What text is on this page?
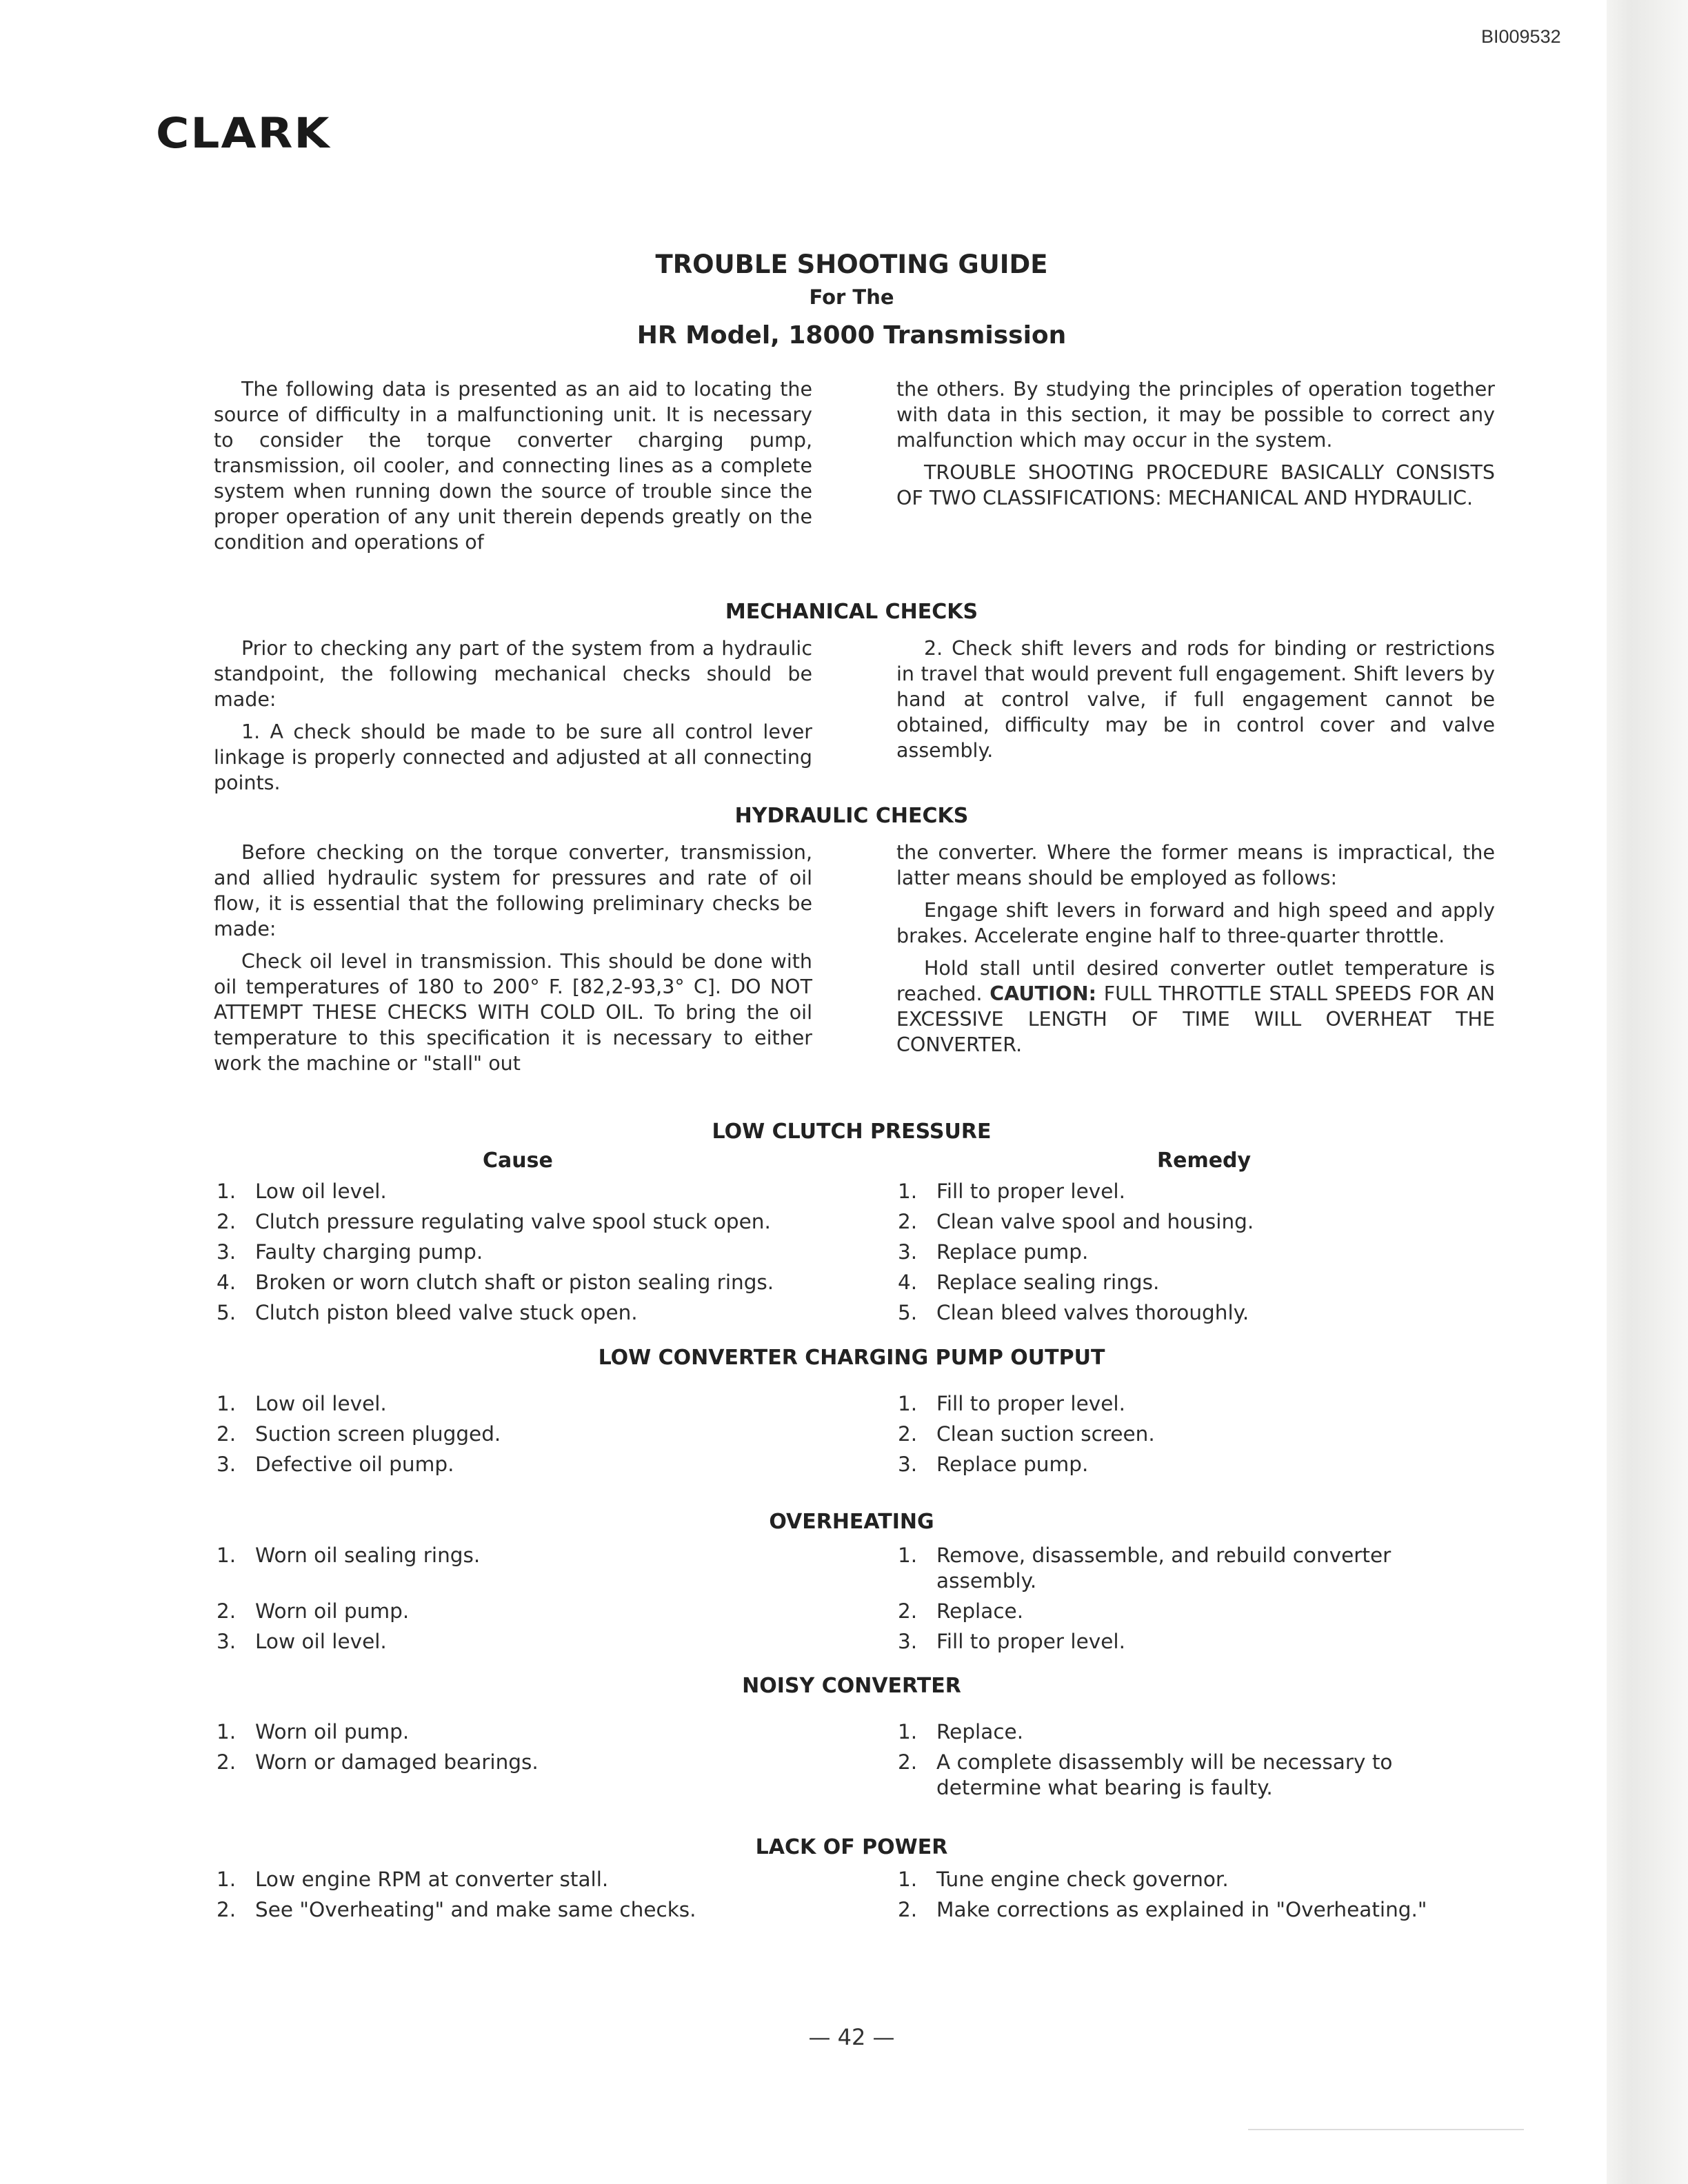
BI009532
CLARK
TROUBLE SHOOTING GUIDE
For The
HR Model, 18000 Transmission

The following data is presented as an aid to locating the source of difficulty in a malfunctioning unit. It is necessary to consider the torque converter charging pump, transmission, oil cooler, and connecting lines as a complete system when running down the source of trouble since the proper operation of any unit therein depends greatly on the condition and operations of

the others. By studying the principles of operation together with data in this section, it may be possible to correct any malfunction which may occur in the system.

TROUBLE SHOOTING PROCEDURE BASICALLY CONSISTS OF TWO CLASSIFICATIONS: MECHANICAL AND HYDRAULIC.

MECHANICAL CHECKS

Prior to checking any part of the system from a hydraulic standpoint, the following mechanical checks should be made:

1. A check should be made to be sure all control lever linkage is properly connected and adjusted at all connecting points.

2. Check shift levers and rods for binding or restrictions in travel that would prevent full engagement. Shift levers by hand at control valve, if full engagement cannot be obtained, difficulty may be in control cover and valve assembly.

HYDRAULIC CHECKS

Before checking on the torque converter, transmission, and allied hydraulic system for pressures and rate of oil flow, it is essential that the following preliminary checks be made:

Check oil level in transmission. This should be done with oil temperatures of 180 to 200° F. [82,2-93,3° C]. DO NOT ATTEMPT THESE CHECKS WITH COLD OIL. To bring the oil temperature to this specification it is necessary to either work the machine or "stall" out

the converter. Where the former means is impractical, the latter means should be employed as follows:

Engage shift levers in forward and high speed and apply brakes. Accelerate engine half to three-quarter throttle.

Hold stall until desired converter outlet temperature is reached. CAUTION: FULL THROTTLE STALL SPEEDS FOR AN EXCESSIVE LENGTH OF TIME WILL OVERHEAT THE CONVERTER.

LOW CLUTCH PRESSURE
Cause	Remedy
1. Low oil level.
2. Clutch pressure regulating valve spool stuck open.
3. Faulty charging pump.
4. Broken or worn clutch shaft or piston sealing rings.
5. Clutch piston bleed valve stuck open.
1. Fill to proper level.
2. Clean valve spool and housing.
3. Replace pump.
4. Replace sealing rings.
5. Clean bleed valves thoroughly.
LOW CONVERTER CHARGING PUMP OUTPUT
1. Low oil level.
2. Suction screen plugged.
3. Defective oil pump.
1. Fill to proper level.
2. Clean suction screen.
3. Replace pump.
OVERHEATING
1. Worn oil sealing rings.
2. Worn oil pump.
3. Low oil level.
1. Remove, disassemble, and rebuild converter assembly.
2. Replace.
3. Fill to proper level.
NOISY CONVERTER
1. Worn oil pump.
2. Worn or damaged bearings.
1. Replace.
2. A complete disassembly will be necessary to determine what bearing is faulty.
LACK OF POWER
1. Low engine RPM at converter stall.
2. See "Overheating" and make same checks.
1. Tune engine check governor.
2. Make corrections as explained in "Overheating."
— 42 —
